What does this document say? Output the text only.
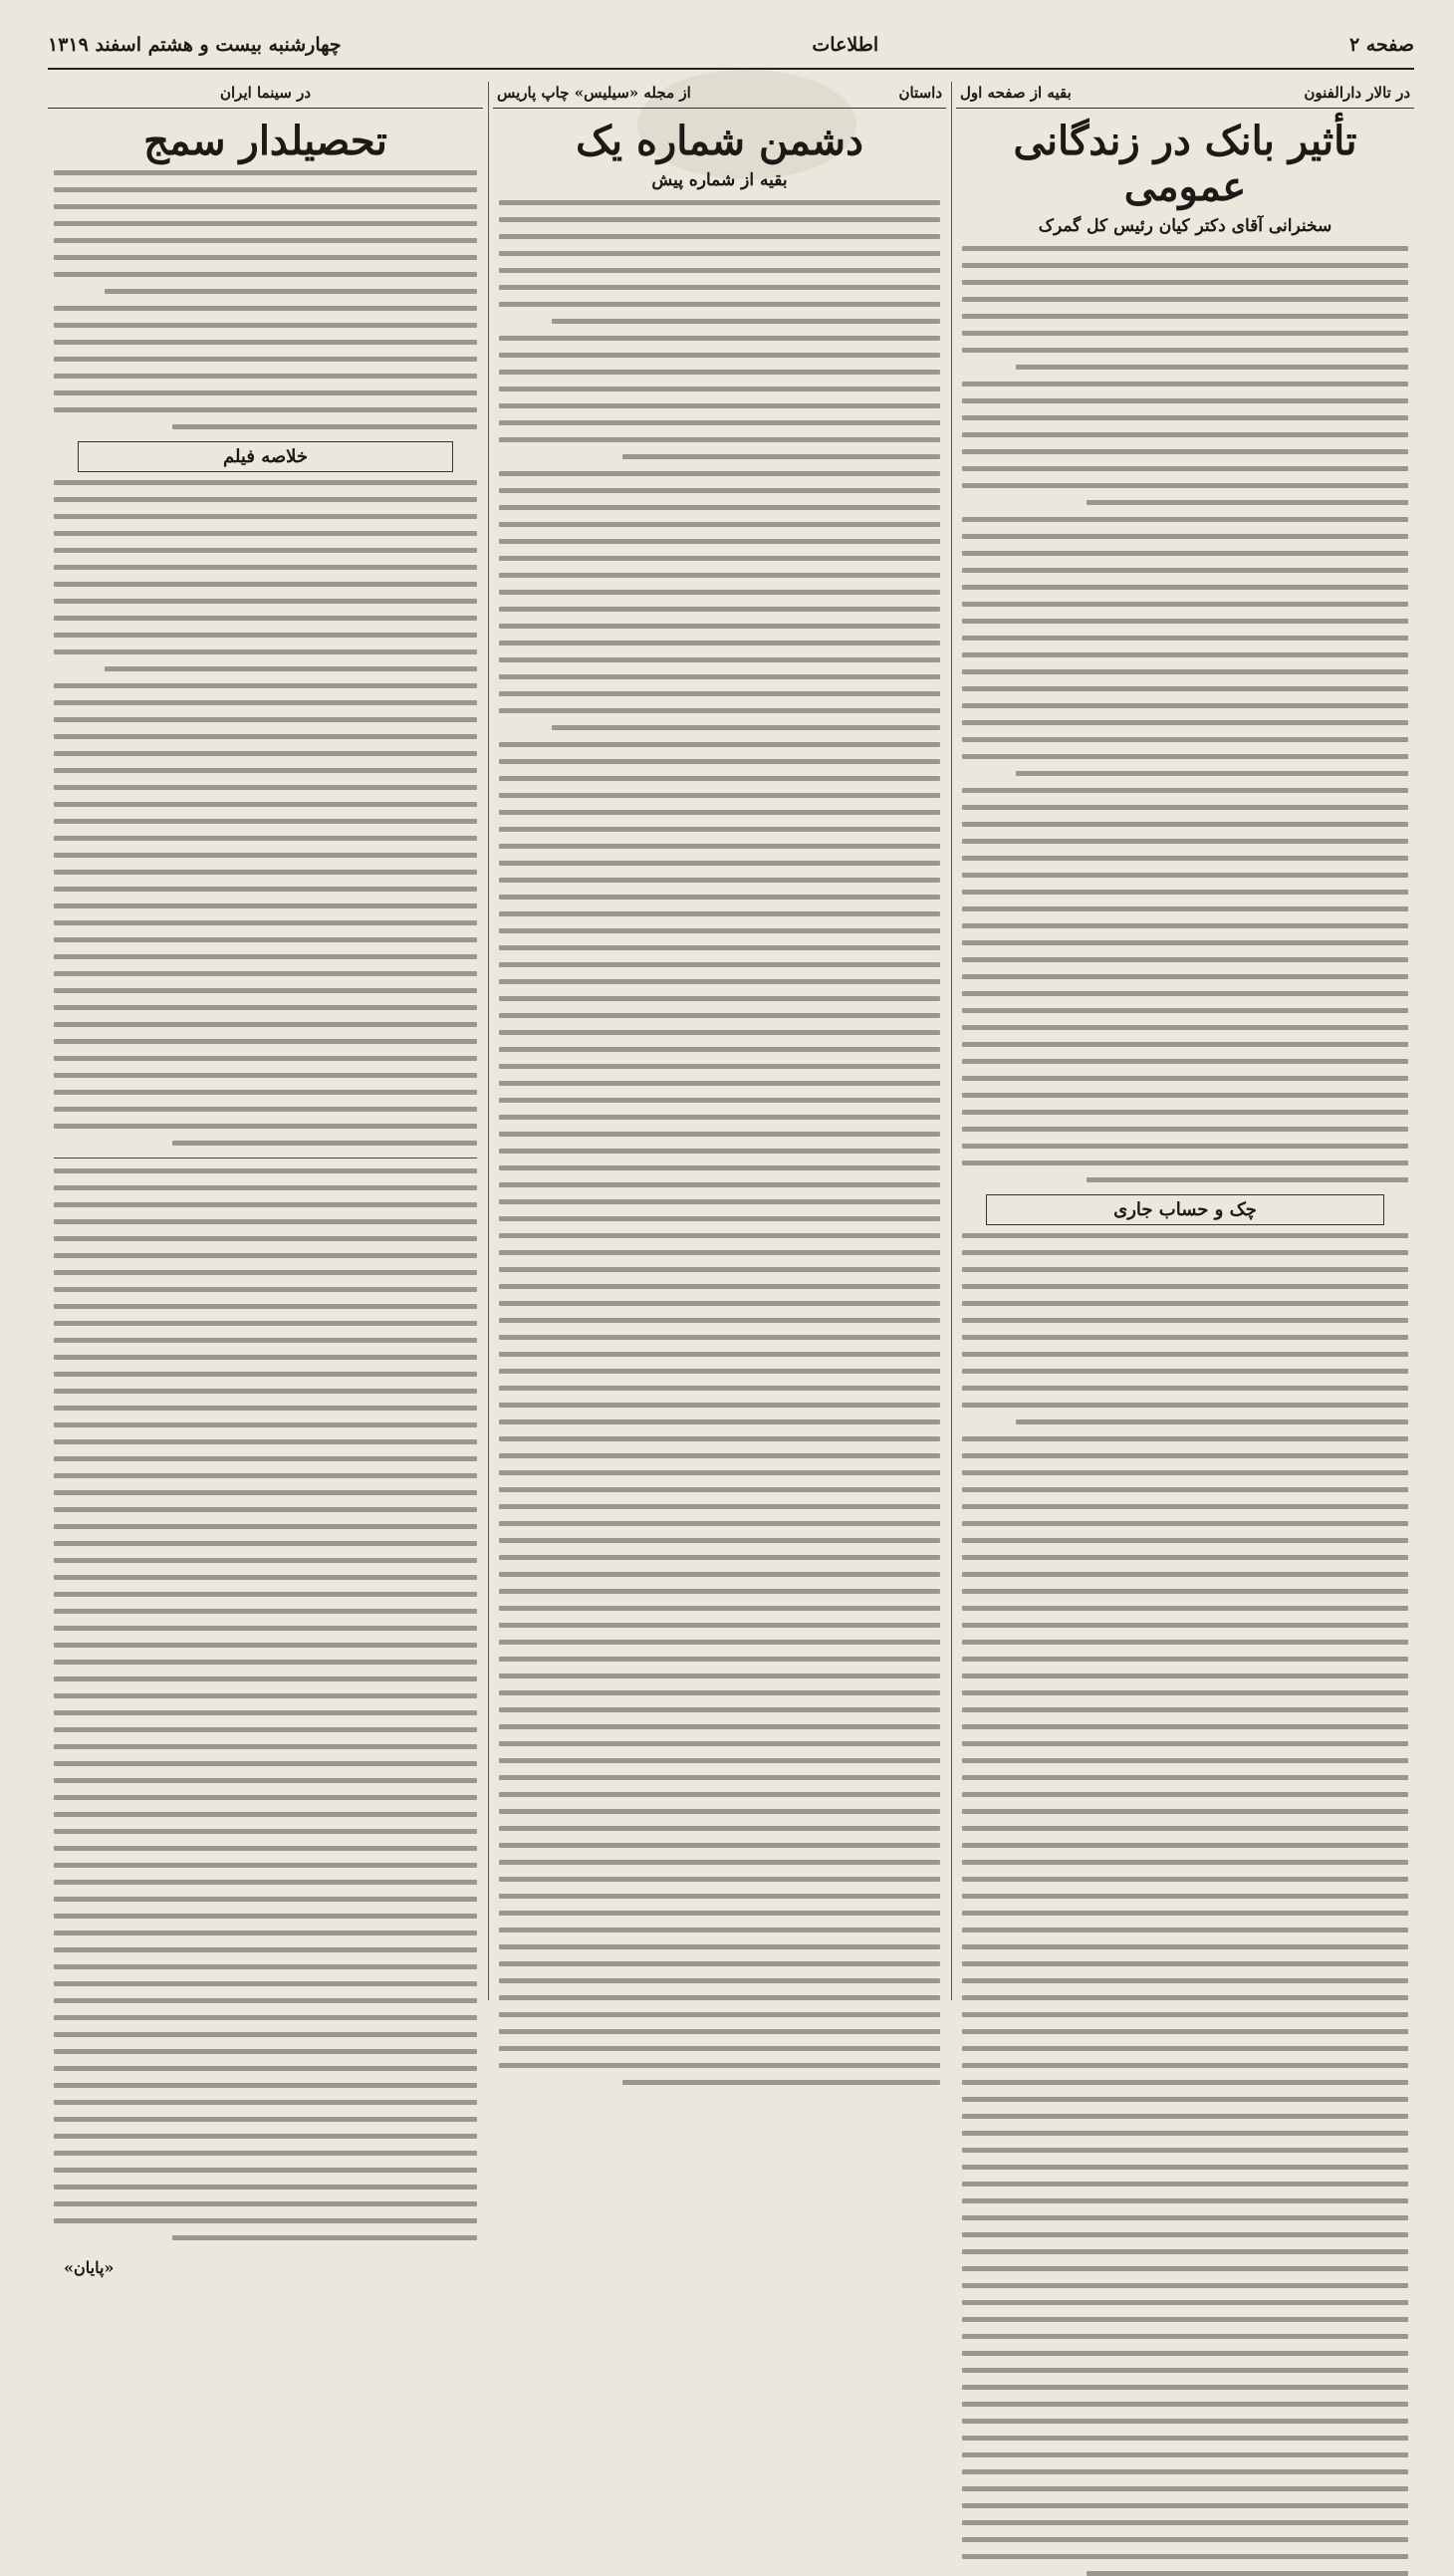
صفحه ۲
اطلاعات
چهارشنبه بیست و هشتم اسفند ۱۳۱۹
در تالار دارالفنون
بقیه از صفحه اول
تأثیر بانک در زندگانی عمومی
سخنرانی آقای دکتر کیان رئیس کل گمرک
چک و حساب جاری
داستان
از مجله «سیلیس» چاپ پاریس
دشمن شماره یک
بقیه از شماره پیش
در سینما ایران
تحصیلدار سمج
خلاصه فیلم
«پایان»
